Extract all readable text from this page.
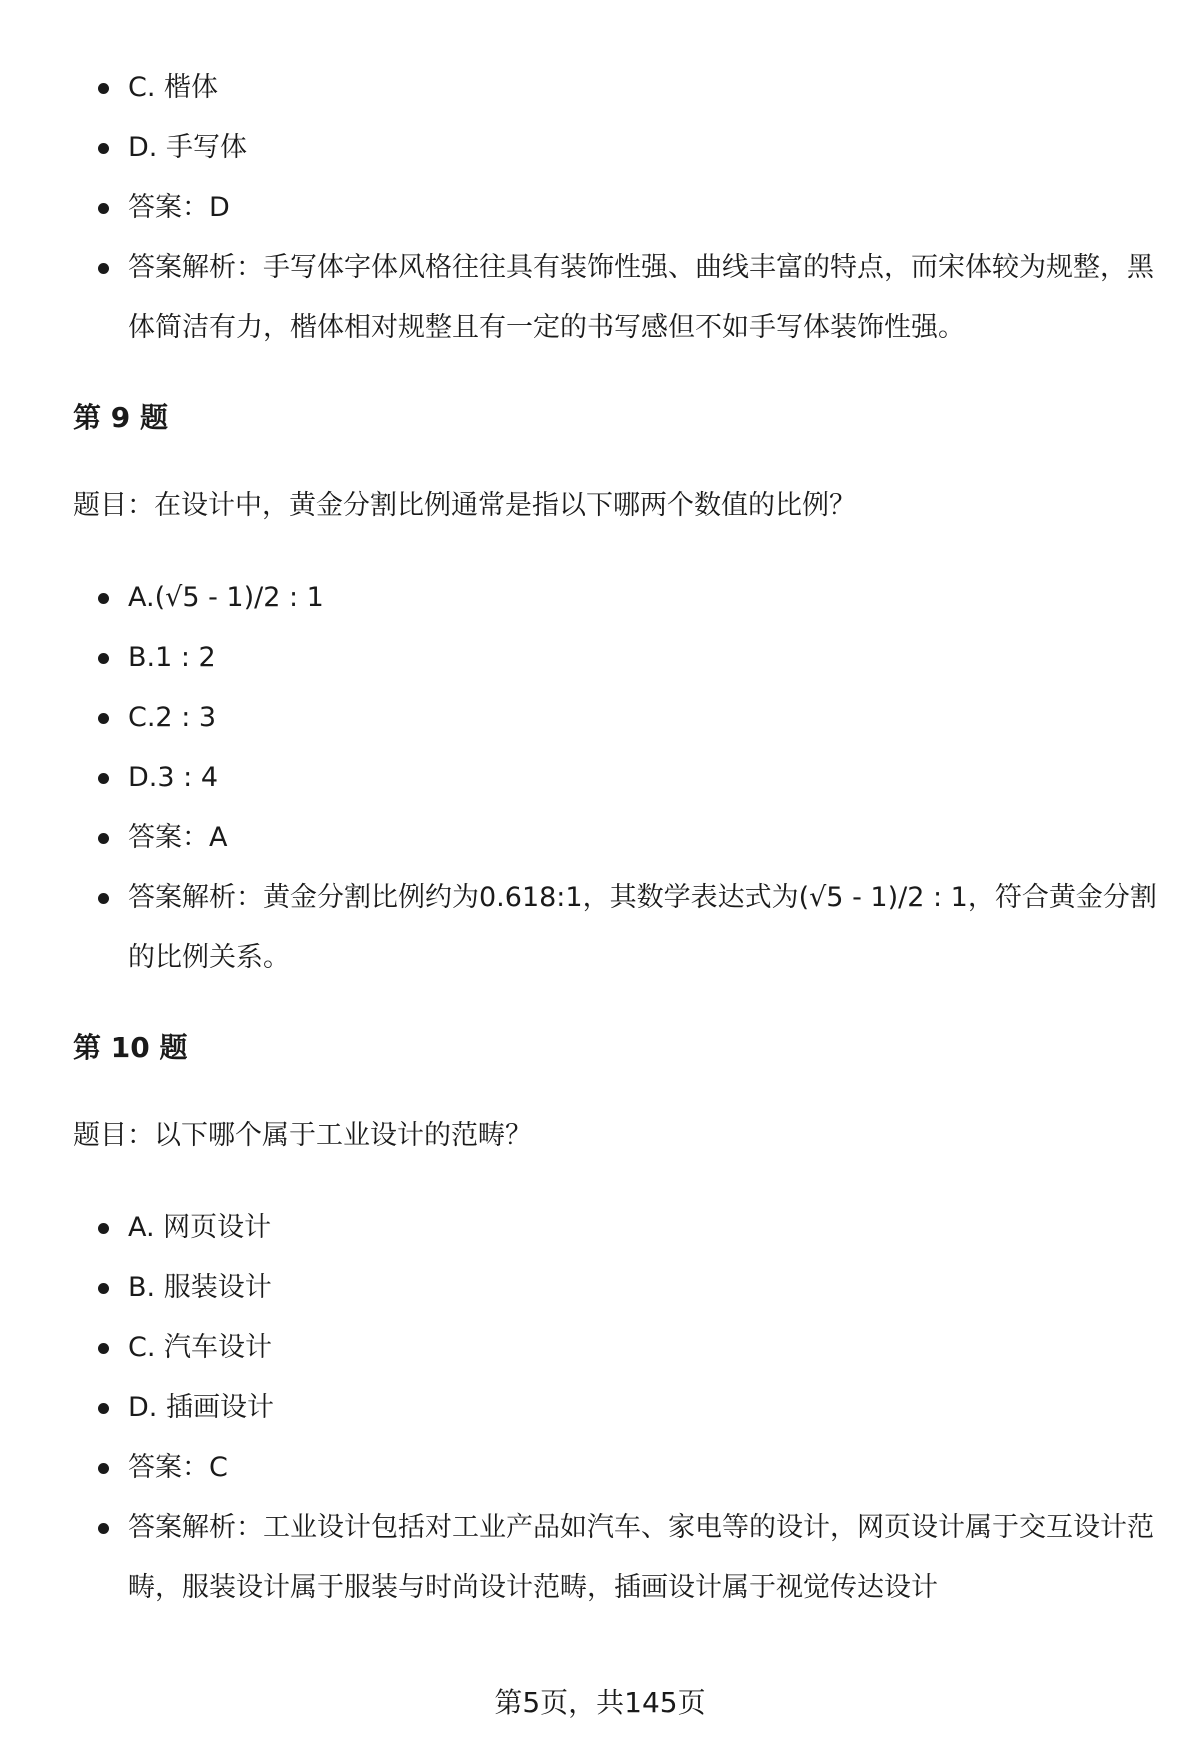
C. 楷体
D. 手写体
答案：D
答案解析：手写体字体风格往往具有装饰性强、曲线丰富的特点，而宋体较为规整，黑体简洁有力，楷体相对规整且有一定的书写感但不如手写体装饰性强。
第 9 题
题目：在设计中，黄金分割比例通常是指以下哪两个数值的比例？
A.(√5 - 1)/2 : 1
B.1 : 2
C.2 : 3
D.3 : 4
答案：A
答案解析：黄金分割比例约为0.618:1，其数学表达式为(√5 - 1)/2 : 1，符合黄金分割的比例关系。
第 10 题
题目：以下哪个属于工业设计的范畴？
A. 网页设计
B. 服装设计
C. 汽车设计
D. 插画设计
答案：C
答案解析：工业设计包括对工业产品如汽车、家电等的设计，网页设计属于交互设计范畴，服装设计属于服装与时尚设计范畴，插画设计属于视觉传达设计
第5页，共145页
